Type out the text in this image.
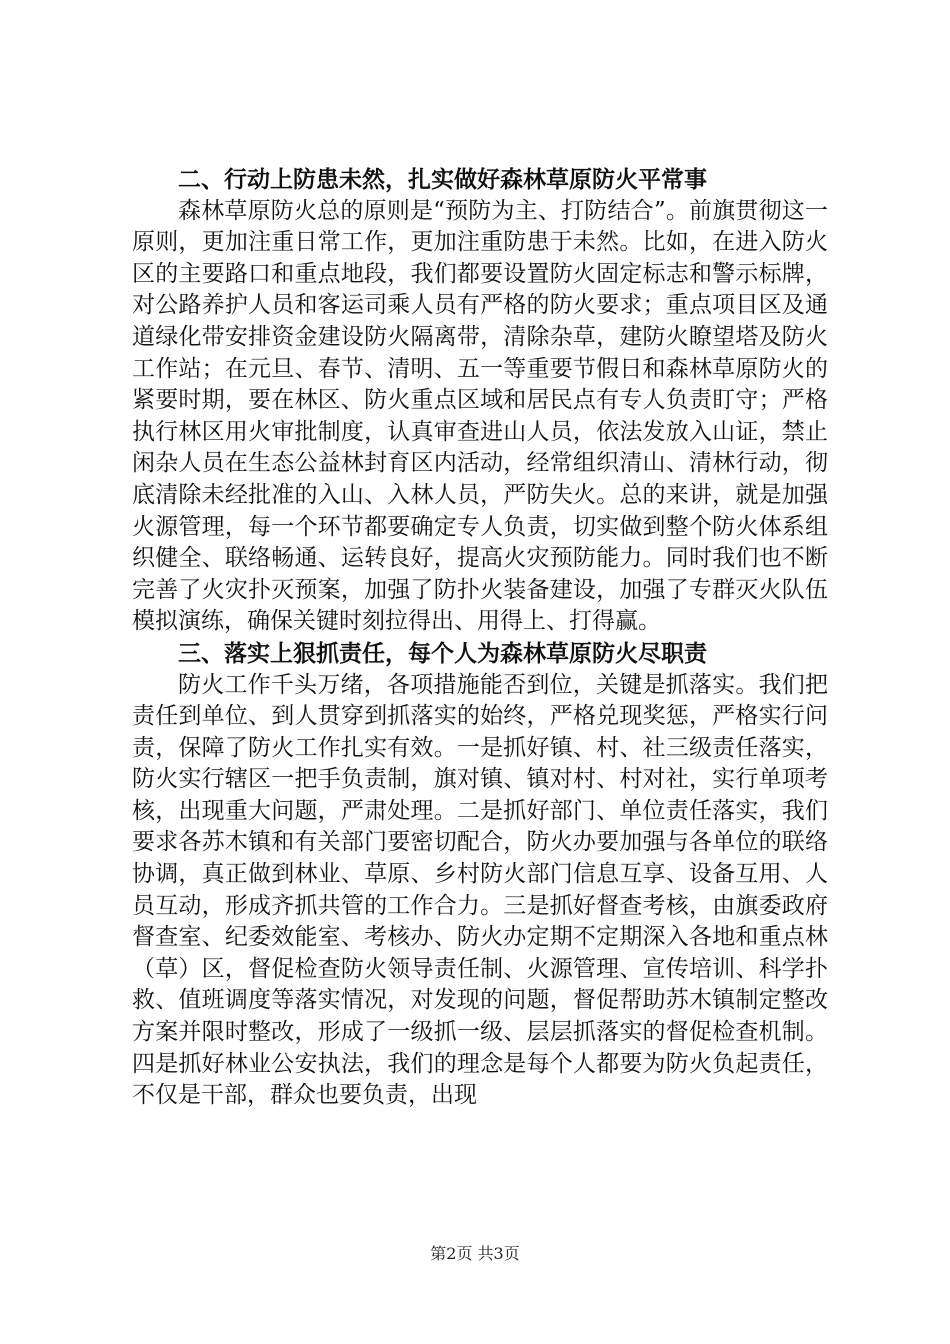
二、行动上防患未然，扎实做好森林草原防火平常事

森林草原防火总的原则是“预防为主、打防结合”。前旗贯彻这一原则，更加注重日常工作，更加注重防患于未然。比如，在进入防火区的主要路口和重点地段，我们都要设置防火固定标志和警示标牌，对公路养护人员和客运司乘人员有严格的防火要求；重点项目区及通道绿化带安排资金建设防火隔离带，清除杂草，建防火瞭望塔及防火工作站；在元旦、春节、清明、五一等重要节假日和森林草原防火的紧要时期，要在林区、防火重点区域和居民点有专人负责盯守；严格执行林区用火审批制度，认真审查进山人员，依法发放入山证，禁止闲杂人员在生态公益林封育区内活动，经常组织清山、清林行动，彻底清除未经批准的入山、入林人员，严防失火。总的来讲，就是加强火源管理，每一个环节都要确定专人负责，切实做到整个防火体系组织健全、联络畅通、运转良好，提高火灾预防能力。同时我们也不断完善了火灾扑灭预案，加强了防扑火装备建设，加强了专群灭火队伍模拟演练，确保关键时刻拉得出、用得上、打得赢。

三、落实上狠抓责任，每个人为森林草原防火尽职责

防火工作千头万绪，各项措施能否到位，关键是抓落实。我们把责任到单位、到人贯穿到抓落实的始终，严格兑现奖惩，严格实行问责，保障了防火工作扎实有效。一是抓好镇、村、社三级责任落实，防火实行辖区一把手负责制，旗对镇、镇对村、村对社，实行单项考核，出现重大问题，严肃处理。二是抓好部门、单位责任落实，我们要求各苏木镇和有关部门要密切配合，防火办要加强与各单位的联络协调，真正做到林业、草原、乡村防火部门信息互享、设备互用、人员互动，形成齐抓共管的工作合力。三是抓好督查考核，由旗委政府督查室、纪委效能室、考核办、防火办定期不定期深入各地和重点林（草）区，督促检查防火领导责任制、火源管理、宣传培训、科学扑救、值班调度等落实情况，对发现的问题，督促帮助苏木镇制定整改方案并限时整改，形成了一级抓一级、层层抓落实的督促检查机制。四是抓好林业公安执法，我们的理念是每个人都要为防火负起责任，不仅是干部，群众也要负责，出现

第2页 共3页
